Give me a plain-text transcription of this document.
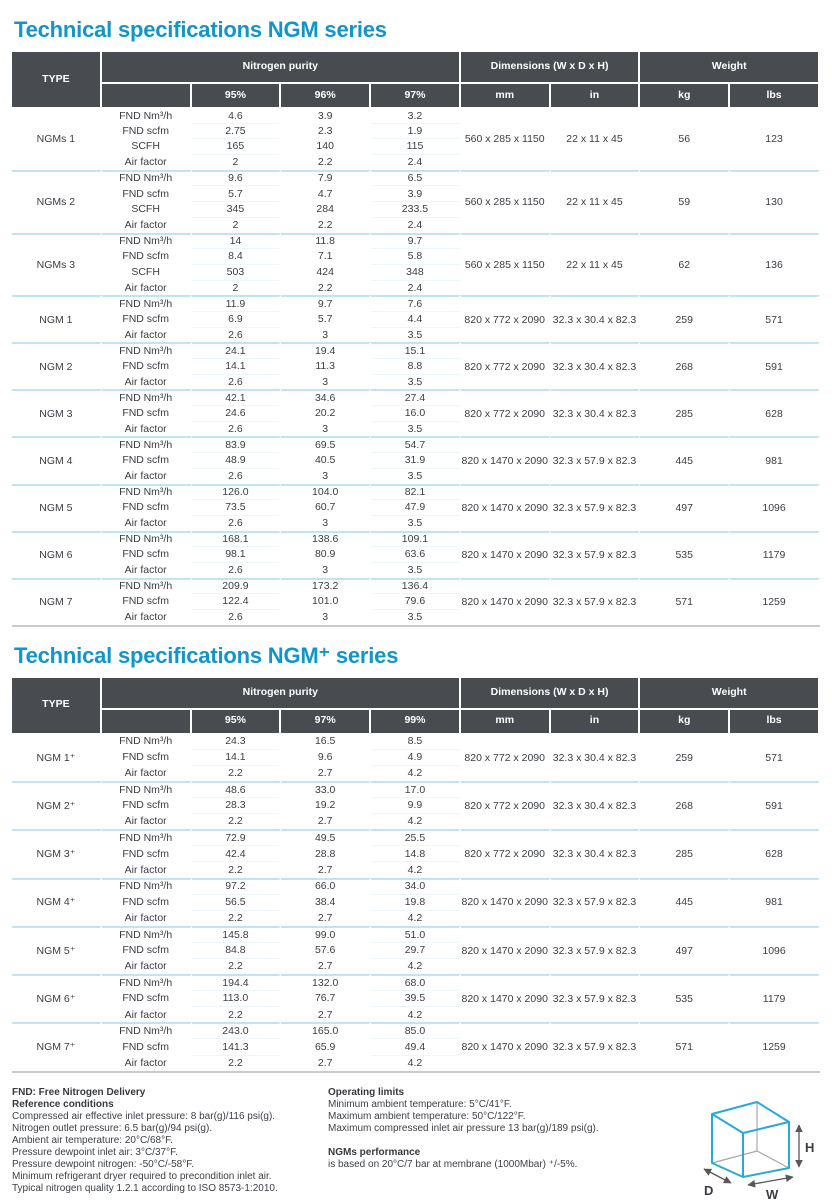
Technical specifications NGM series
TYPE	Nitrogen purity				Dimensions (W x D x H)		Weight	
		95%	96%	97%	mm	in	kg	lbs
NGMs 1	FND Nm³/h	4.6	3.9	3.2	560 x 285 x 1150	22 x 11 x 45	56	123
	FND scfm	2.75	2.3	1.9				
	SCFH	165	140	115				
	Air factor	2	2.2	2.4				
NGMs 2	FND Nm³/h	9.6	7.9	6.5	560 x 285 x 1150	22 x 11 x 45	59	130
	FND scfm	5.7	4.7	3.9				
	SCFH	345	284	233.5				
	Air factor	2	2.2	2.4				
NGMs 3	FND Nm³/h	14	11.8	9.7	560 x 285 x 1150	22 x 11 x 45	62	136
	FND scfm	8.4	7.1	5.8				
	SCFH	503	424	348				
	Air factor	2	2.2	2.4				
NGM 1	FND Nm³/h	11.9	9.7	7.6	820 x 772 x 2090	32.3 x 30.4 x 82.3	259	571
	FND scfm	6.9	5.7	4.4				
	Air factor	2.6	3	3.5				
NGM 2	FND Nm³/h	24.1	19.4	15.1	820 x 772 x 2090	32.3 x 30.4 x 82.3	268	591
	FND scfm	14.1	11.3	8.8				
	Air factor	2.6	3	3.5				
NGM 3	FND Nm³/h	42.1	34.6	27.4	820 x 772 x 2090	32.3 x 30.4 x 82.3	285	628
	FND scfm	24.6	20.2	16.0				
	Air factor	2.6	3	3.5				
NGM 4	FND Nm³/h	83.9	69.5	54.7	820 x 1470 x 2090	32.3 x 57.9 x 82.3	445	981
	FND scfm	48.9	40.5	31.9				
	Air factor	2.6	3	3.5				
NGM 5	FND Nm³/h	126.0	104.0	82.1	820 x 1470 x 2090	32.3 x 57.9 x 82.3	497	1096
	FND scfm	73.5	60.7	47.9				
	Air factor	2.6	3	3.5				
NGM 6	FND Nm³/h	168.1	138.6	109.1	820 x 1470 x 2090	32.3 x 57.9 x 82.3	535	1179
	FND scfm	98.1	80.9	63.6				
	Air factor	2.6	3	3.5				
NGM 7	FND Nm³/h	209.9	173.2	136.4	820 x 1470 x 2090	32.3 x 57.9 x 82.3	571	1259
	FND scfm	122.4	101.0	79.6				
	Air factor	2.6	3	3.5				
Technical specifications NGM⁺ series
TYPE	Nitrogen purity				Dimensions (W x D x H)		Weight	
		95%	97%	99%	mm	in	kg	lbs
NGM 1⁺	FND Nm³/h	24.3	16.5	8.5	820 x 772 x 2090	32.3 x 30.4 x 82.3	259	571
	FND scfm	14.1	9.6	4.9				
	Air factor	2.2	2.7	4.2				
NGM 2⁺	FND Nm³/h	48.6	33.0	17.0	820 x 772 x 2090	32.3 x 30.4 x 82.3	268	591
	FND scfm	28.3	19.2	9.9				
	Air factor	2.2	2.7	4.2				
NGM 3⁺	FND Nm³/h	72.9	49.5	25.5	820 x 772 x 2090	32.3 x 30.4 x 82.3	285	628
	FND scfm	42.4	28.8	14.8				
	Air factor	2.2	2.7	4.2				
NGM 4⁺	FND Nm³/h	97.2	66.0	34.0	820 x 1470 x 2090	32.3 x 57.9 x 82.3	445	981
	FND scfm	56.5	38.4	19.8				
	Air factor	2.2	2.7	4.2				
NGM 5⁺	FND Nm³/h	145.8	99.0	51.0	820 x 1470 x 2090	32.3 x 57.9 x 82.3	497	1096
	FND scfm	84.8	57.6	29.7				
	Air factor	2.2	2.7	4.2				
NGM 6⁺	FND Nm³/h	194.4	132.0	68.0	820 x 1470 x 2090	32.3 x 57.9 x 82.3	535	1179
	FND scfm	113.0	76.7	39.5				
	Air factor	2.2	2.7	4.2				
NGM 7⁺	FND Nm³/h	243.0	165.0	85.0	820 x 1470 x 2090	32.3 x 57.9 x 82.3	571	1259
	FND scfm	141.3	65.9	49.4				
	Air factor	2.2	2.7	4.2				
FND: Free Nitrogen Delivery
Reference conditions
Compressed air effective inlet pressure: 8 bar(g)/116 psi(g).
Nitrogen outlet pressure: 6.5 bar(g)/94 psi(g).
Ambient air temperature: 20°C/68°F.
Pressure dewpoint inlet air: 3°C/37°F.
Pressure dewpoint nitrogen: -50°C/-58°F.
Minimum refrigerant dryer required to precondition inlet air.
Typical nitrogen quality 1.2.1 according to ISO 8573-1:2010.
Operating limits
Minimum ambient temperature: 5°C/41°F.
Maximum ambient temperature: 50°C/122°F.
Maximum compressed inlet air pressure 13 bar(g)/189 psi(g).
NGMs performance
is based on 20°C/7 bar at membrane (1000Mbar) ⁺/-5%.
H
W
D
